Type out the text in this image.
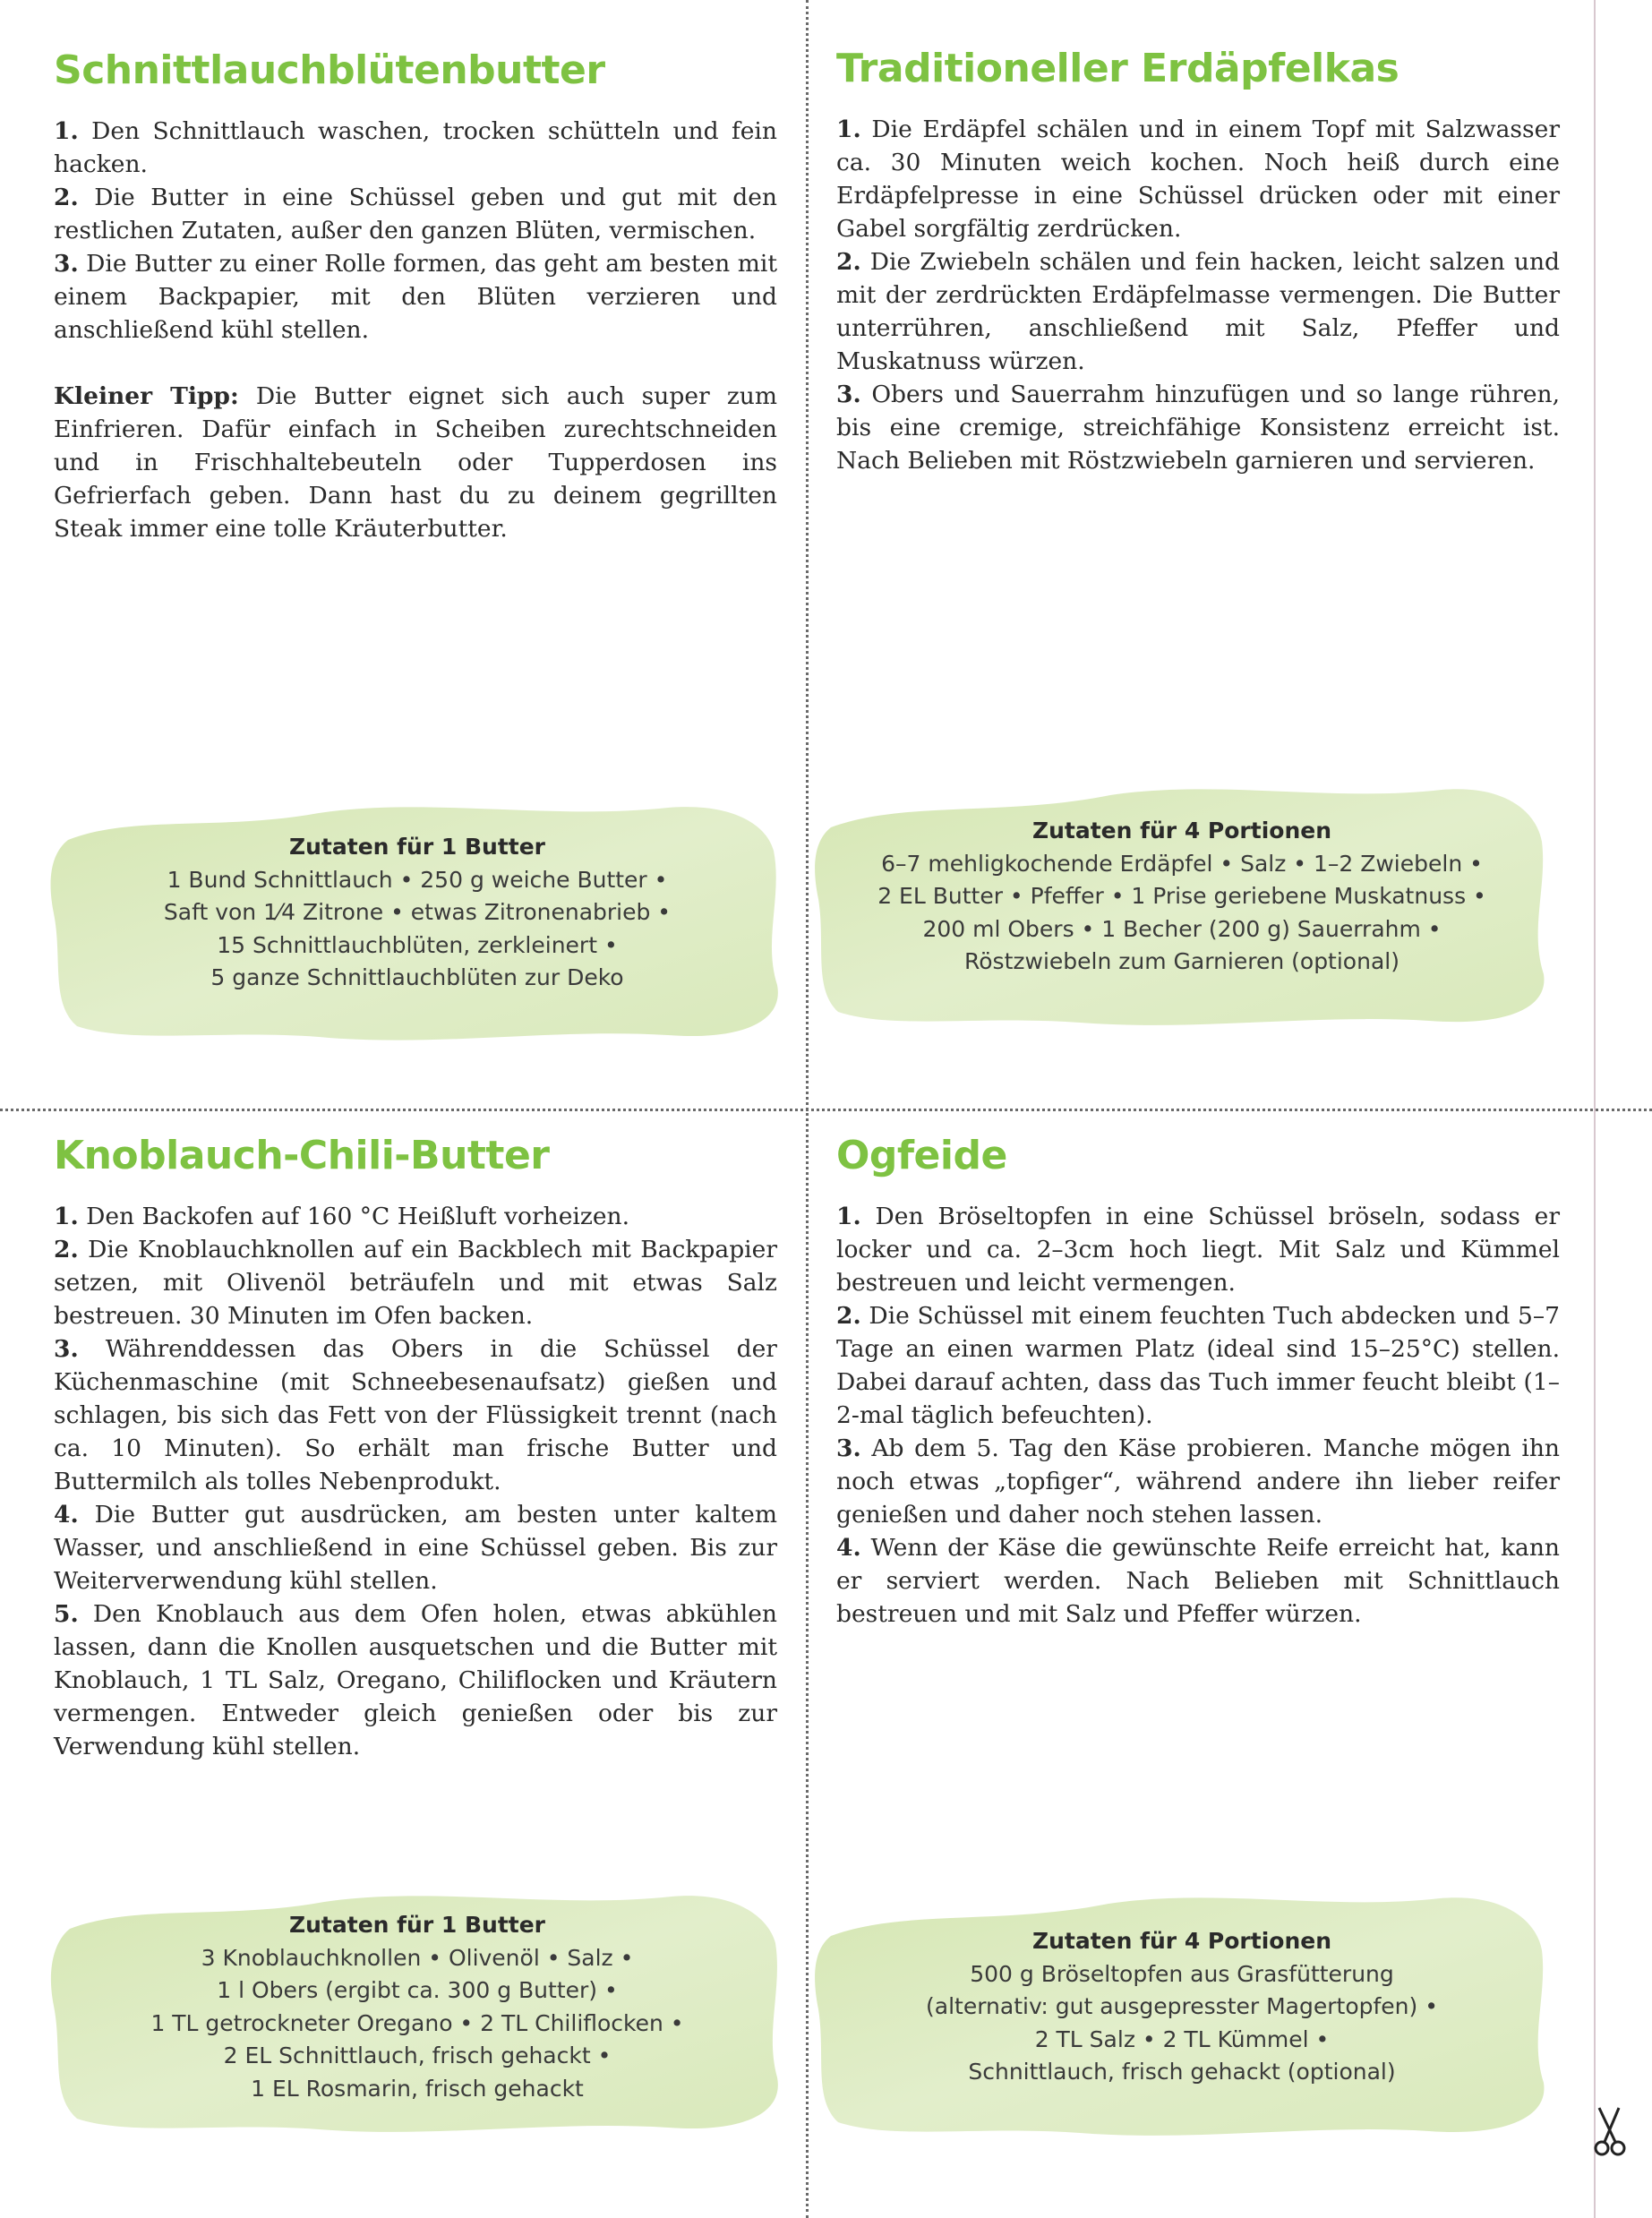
Schnittlauchblütenbutter

1. Den Schnittlauch waschen, trocken schütteln und fein hacken.

2. Die Butter in eine Schüssel geben und gut mit den restlichen Zutaten, außer den ganzen Blüten, vermischen.

3. Die Butter zu einer Rolle formen, das geht am besten mit einem Backpapier, mit den Blüten verzieren und anschließend kühl stellen.

Kleiner Tipp: Die Butter eignet sich auch super zum Einfrieren. Dafür einfach in Scheiben zurechtschneiden und in Frischhaltebeuteln oder Tupperdosen ins Gefrierfach geben. Dann hast du zu deinem gegrillten Steak immer eine tolle Kräuterbutter.

Traditioneller Erdäpfelkas

1. Die Erdäpfel schälen und in einem Topf mit Salzwasser ca. 30 Minuten weich kochen. Noch heiß durch eine Erdäpfelpresse in eine Schüssel drücken oder mit einer Gabel sorgfältig zerdrücken.

2. Die Zwiebeln schälen und fein hacken, leicht salzen und mit der zerdrückten Erdäpfelmasse vermengen. Die Butter unterrühren, anschließend mit Salz, Pfeffer und Muskatnuss würzen.

3. Obers und Sauerrahm hinzufügen und so lange rühren, bis eine cremige, streichfähige Konsistenz erreicht ist. Nach Belieben mit Röstzwiebeln garnieren und servieren.

Knoblauch-Chili-Butter

1. Den Backofen auf 160 °C Heißluft vorheizen.

2. Die Knoblauchknollen auf ein Backblech mit Backpapier setzen, mit Olivenöl beträufeln und mit etwas Salz bestreuen. 30 Minuten im Ofen backen.

3. Währenddessen das Obers in die Schüssel der Küchenmaschine (mit Schneebesenaufsatz) gießen und schlagen, bis sich das Fett von der Flüssigkeit trennt (nach ca. 10 Minuten). So erhält man frische Butter und Buttermilch als tolles Nebenprodukt.

4. Die Butter gut ausdrücken, am besten unter kaltem Wasser, und anschließend in eine Schüssel geben. Bis zur Weiterverwendung kühl stellen.

5. Den Knoblauch aus dem Ofen holen, etwas abkühlen lassen, dann die Knollen ausquetschen und die Butter mit Knoblauch, 1 TL Salz, Oregano, Chiliflocken und Kräutern vermengen. Entweder gleich genießen oder bis zur Verwendung kühl stellen.

Ogfeide

1. Den Bröseltopfen in eine Schüssel bröseln, sodass er locker und ca. 2–3cm hoch liegt. Mit Salz und Kümmel bestreuen und leicht vermengen.

2. Die Schüssel mit einem feuchten Tuch abdecken und 5–7 Tage an einen warmen Platz (ideal sind 15–25°C) stellen. Dabei darauf achten, dass das Tuch immer feucht bleibt (1–2-mal täglich befeuchten).

3. Ab dem 5. Tag den Käse probieren. Manche mögen ihn noch etwas „topfiger“, während andere ihn lieber reifer genießen und daher noch stehen lassen.

4. Wenn der Käse die gewünschte Reife erreicht hat, kann er serviert werden. Nach Belieben mit Schnittlauch bestreuen und mit Salz und Pfeffer würzen.

Zutaten für 1 Butter
1 Bund Schnittlauch • 250 g weiche Butter •
Saft von 1⁄4 Zitrone • etwas Zitronenabrieb •
15 Schnittlauchblüten, zerkleinert •
5 ganze Schnittlauchblüten zur Deko
Zutaten für 4 Portionen
6–7 mehligkochende Erdäpfel • Salz • 1–2 Zwiebeln •
2 EL Butter • Pfeffer • 1 Prise geriebene Muskatnuss •
200 ml Obers • 1 Becher (200 g) Sauerrahm •
Röstzwiebeln zum Garnieren (optional)
Zutaten für 1 Butter
3 Knoblauchknollen • Olivenöl • Salz •
1 l Obers (ergibt ca. 300 g Butter) •
1 TL getrockneter Oregano • 2 TL Chiliflocken •
2 EL Schnittlauch, frisch gehackt •
1 EL Rosmarin, frisch gehackt
Zutaten für 4 Portionen
500 g Bröseltopfen aus Grasfütterung
(alternativ: gut ausgepresster Magertopfen) •
2 TL Salz • 2 TL Kümmel •
Schnittlauch, frisch gehackt (optional)
